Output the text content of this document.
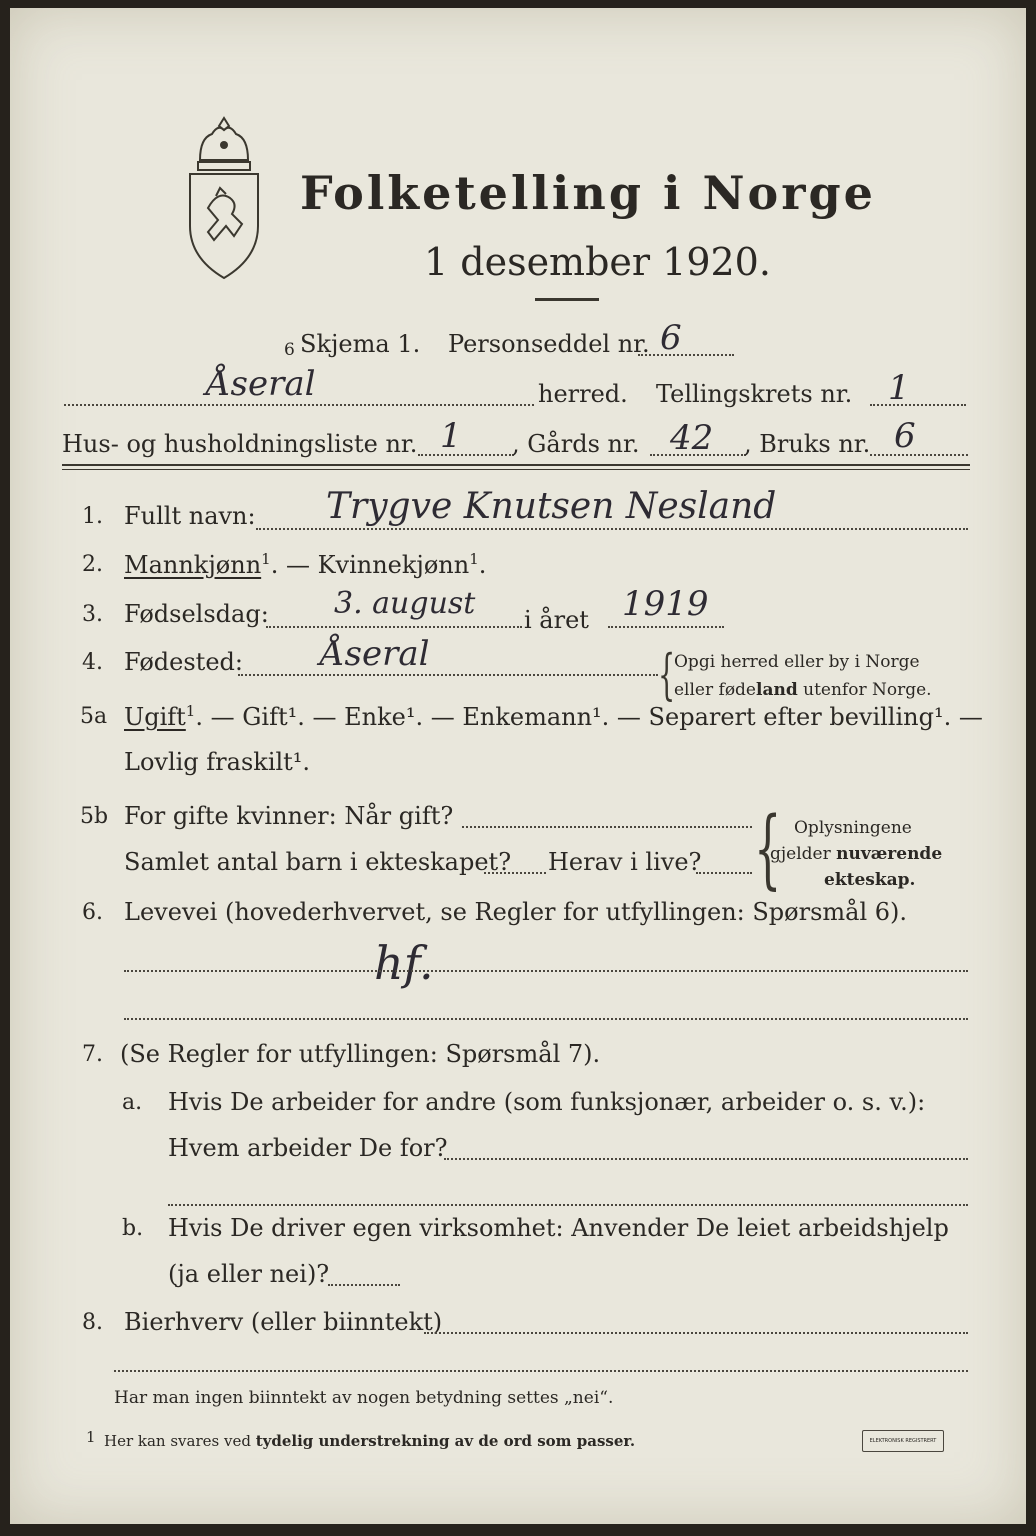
Folketelling i Norge
1 desember 1920.
6 Skjema 1. Personseddel nr. 6
Åseral	herred. Tellingskrets nr. 1
Hus- og husholdningsliste nr. 1 , Gårds nr. 42 , Bruks nr. 6
1. Fullt navn: Trygve Knutsen Nesland
2. Mannkjønn$^1$. — Kvinnekjønn$^1$.
3. Fødselsdag: 3. august i året 1919
4. Fødested: Åseral	{
Opgi herred eller by i Norge
eller fødeland utenfor Norge.
5a Ugift$^1$. — Gift¹. — Enke¹. — Enkemann¹. — Separert efter bevilling¹. —
Lovlig fraskilt¹.
5b For gifte kvinner: Når gift?
Samlet antal barn i ekteskapet? Herav i live? { Oplysningene
gjelder nuværende
ekteskap.
6. Levevei (hovederhvervet, se Regler for utfyllingen: Spørsmål 6).
hf.
7. (Se Regler for utfyllingen: Spørsmål 7).
a. Hvis De arbeider for andre (som funksjonær, arbeider o. s. v.):
Hvem arbeider De for?
b. Hvis De driver egen virksomhet: Anvender De leiet arbeidshjelp
(ja eller nei)?
8. Bierhverv (eller biinntekt)
Har man ingen biinntekt av nogen betydning settes „nei“.
1 Her kan svares ved tydelig understrekning av de ord som passer.	ELEKTRONISK REGISTRERT
